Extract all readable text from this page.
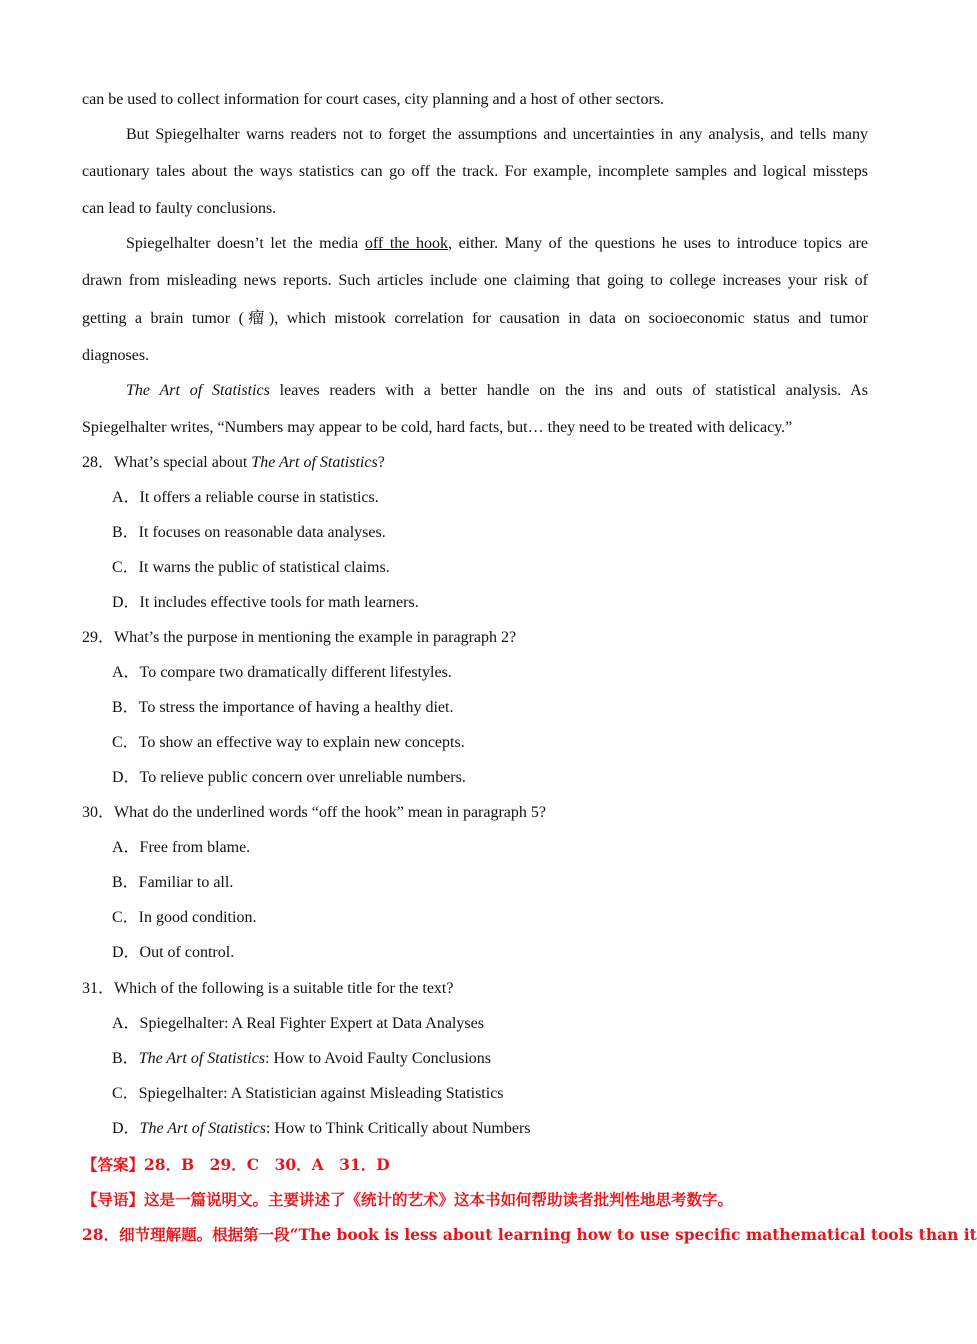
can be used to collect information for court cases, city planning and a host of other sectors.
But Spiegelhalter warns readers not to forget the assumptions and uncertainties in any analysis, and tells many
cautionary tales about the ways statistics can go off the track. For example, incomplete samples and logical missteps
can lead to faulty conclusions.
Spiegelhalter doesn’t let the media off the hook, either. Many of the questions he uses to introduce topics are
drawn from misleading news reports. Such articles include one claiming that going to college increases your risk of
getting a brain tumor (瘤), which mistook correlation for causation in data on socioeconomic status and tumor
diagnoses.
The Art of Statistics leaves readers with a better handle on the ins and outs of statistical analysis. As
Spiegelhalter writes, “Numbers may appear to be cold, hard facts, but… they need to be treated with delicacy.”
28．What’s special about The Art of Statistics?
A．It offers a reliable course in statistics.
B．It focuses on reasonable data analyses.
C．It warns the public of statistical claims.
D．It includes effective tools for math learners.
29．What’s the purpose in mentioning the example in paragraph 2?
A．To compare two dramatically different lifestyles.
B．To stress the importance of having a healthy diet.
C．To show an effective way to explain new concepts.
D．To relieve public concern over unreliable numbers.
30．What do the underlined words “off the hook” mean in paragraph 5?
A．Free from blame.
B．Familiar to all.
C．In good condition.
D．Out of control.
31．Which of the following is a suitable title for the text?
A．Spiegelhalter: A Real Fighter Expert at Data Analyses
B．The Art of Statistics: How to Avoid Faulty Conclusions
C．Spiegelhalter: A Statistician against Misleading Statistics
D．The Art of Statistics: How to Think Critically about Numbers
【答案】28．B　29．C　30．A　31．D
【导语】这是一篇说明文。主要讲述了《统计的艺术》这本书如何帮助读者批判性地思考数字。
28．细节理解题。根据第一段“The book is less about learning how to use specific mathematical tools than it
